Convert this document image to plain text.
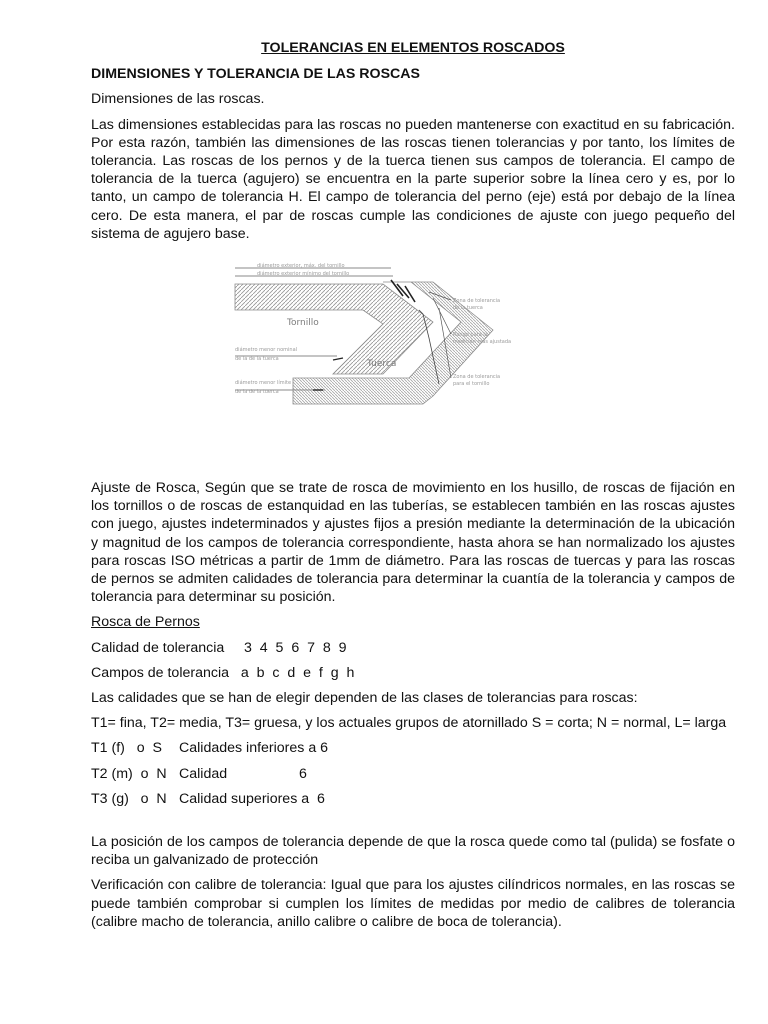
TOLERANCIAS EN ELEMENTOS ROSCADOS
DIMENSIONES Y TOLERANCIA DE LAS ROSCAS

Dimensiones de las roscas.

Las dimensiones establecidas para las roscas no pueden mantenerse con exactitud en su fabricación. Por esta razón, también las dimensiones de las roscas tienen tolerancias y por tanto, los límites de tolerancia. Las roscas de los pernos y de la tuerca tienen sus campos de tolerancia. El campo de tolerancia de la tuerca (agujero) se encuentra en la parte superior sobre la línea cero y es, por lo tanto, un campo de tolerancia H. El campo de tolerancia del perno (eje) está por debajo de la línea cero. De esta manera, el par de roscas cumple las condiciones de ajuste con juego pequeño del sistema de agujero base.

diámetro exterior, máx. del tornillo
diámetro exterior mínimo del tornillo
diámetro menor nominal
de la de la tuerca
diámetro menor límite
de la de la tuerca
Tornillo
Tuerca
Zona de tolerancia
de la tuerca
Rango para la
medición más ajustada
Zona de tolerancia
para el tornillo

Ajuste de Rosca, Según que se trate de rosca de movimiento en los husillo, de roscas de fijación en los tornillos o de roscas de estanquidad en las tuberías, se establecen también en las roscas ajustes con juego, ajustes indeterminados y ajustes fijos a presión mediante la determinación de la ubicación y magnitud de los campos de tolerancia correspondiente, hasta ahora se han normalizado los ajustes para roscas ISO métricas a partir de 1mm de diámetro. Para las roscas de tuercas y para las roscas de pernos se admiten calidades de tolerancia para determinar la cuantía de la tolerancia y campos de tolerancia para determinar su posición.

Rosca de Pernos

Calidad de tolerancia     3  4  5  6  7  8  9
Campos de tolerancia   a  b  c  d  e  f  g  h

Las calidades que se han de elegir dependen de las clases de tolerancias para roscas:

T1= fina, T2= media, T3= gruesa, y los actuales grupos de atornillado S = corta; N = normal, L= larga

T1 (f)   o  S	Calidades inferiores a 6
T2 (m)  o  N Calidad	6
T3 (g)   o  N Calidad superiores a  6

La posición de los campos de tolerancia depende de que la rosca quede como tal (pulida) se fosfate o reciba un galvanizado de protección

Verificación con calibre de tolerancia: Igual que para los ajustes cilíndricos normales, en las roscas se puede también comprobar si cumplen los límites de medidas por medio de calibres de tolerancia (calibre macho de tolerancia, anillo calibre o calibre de boca de tolerancia).
